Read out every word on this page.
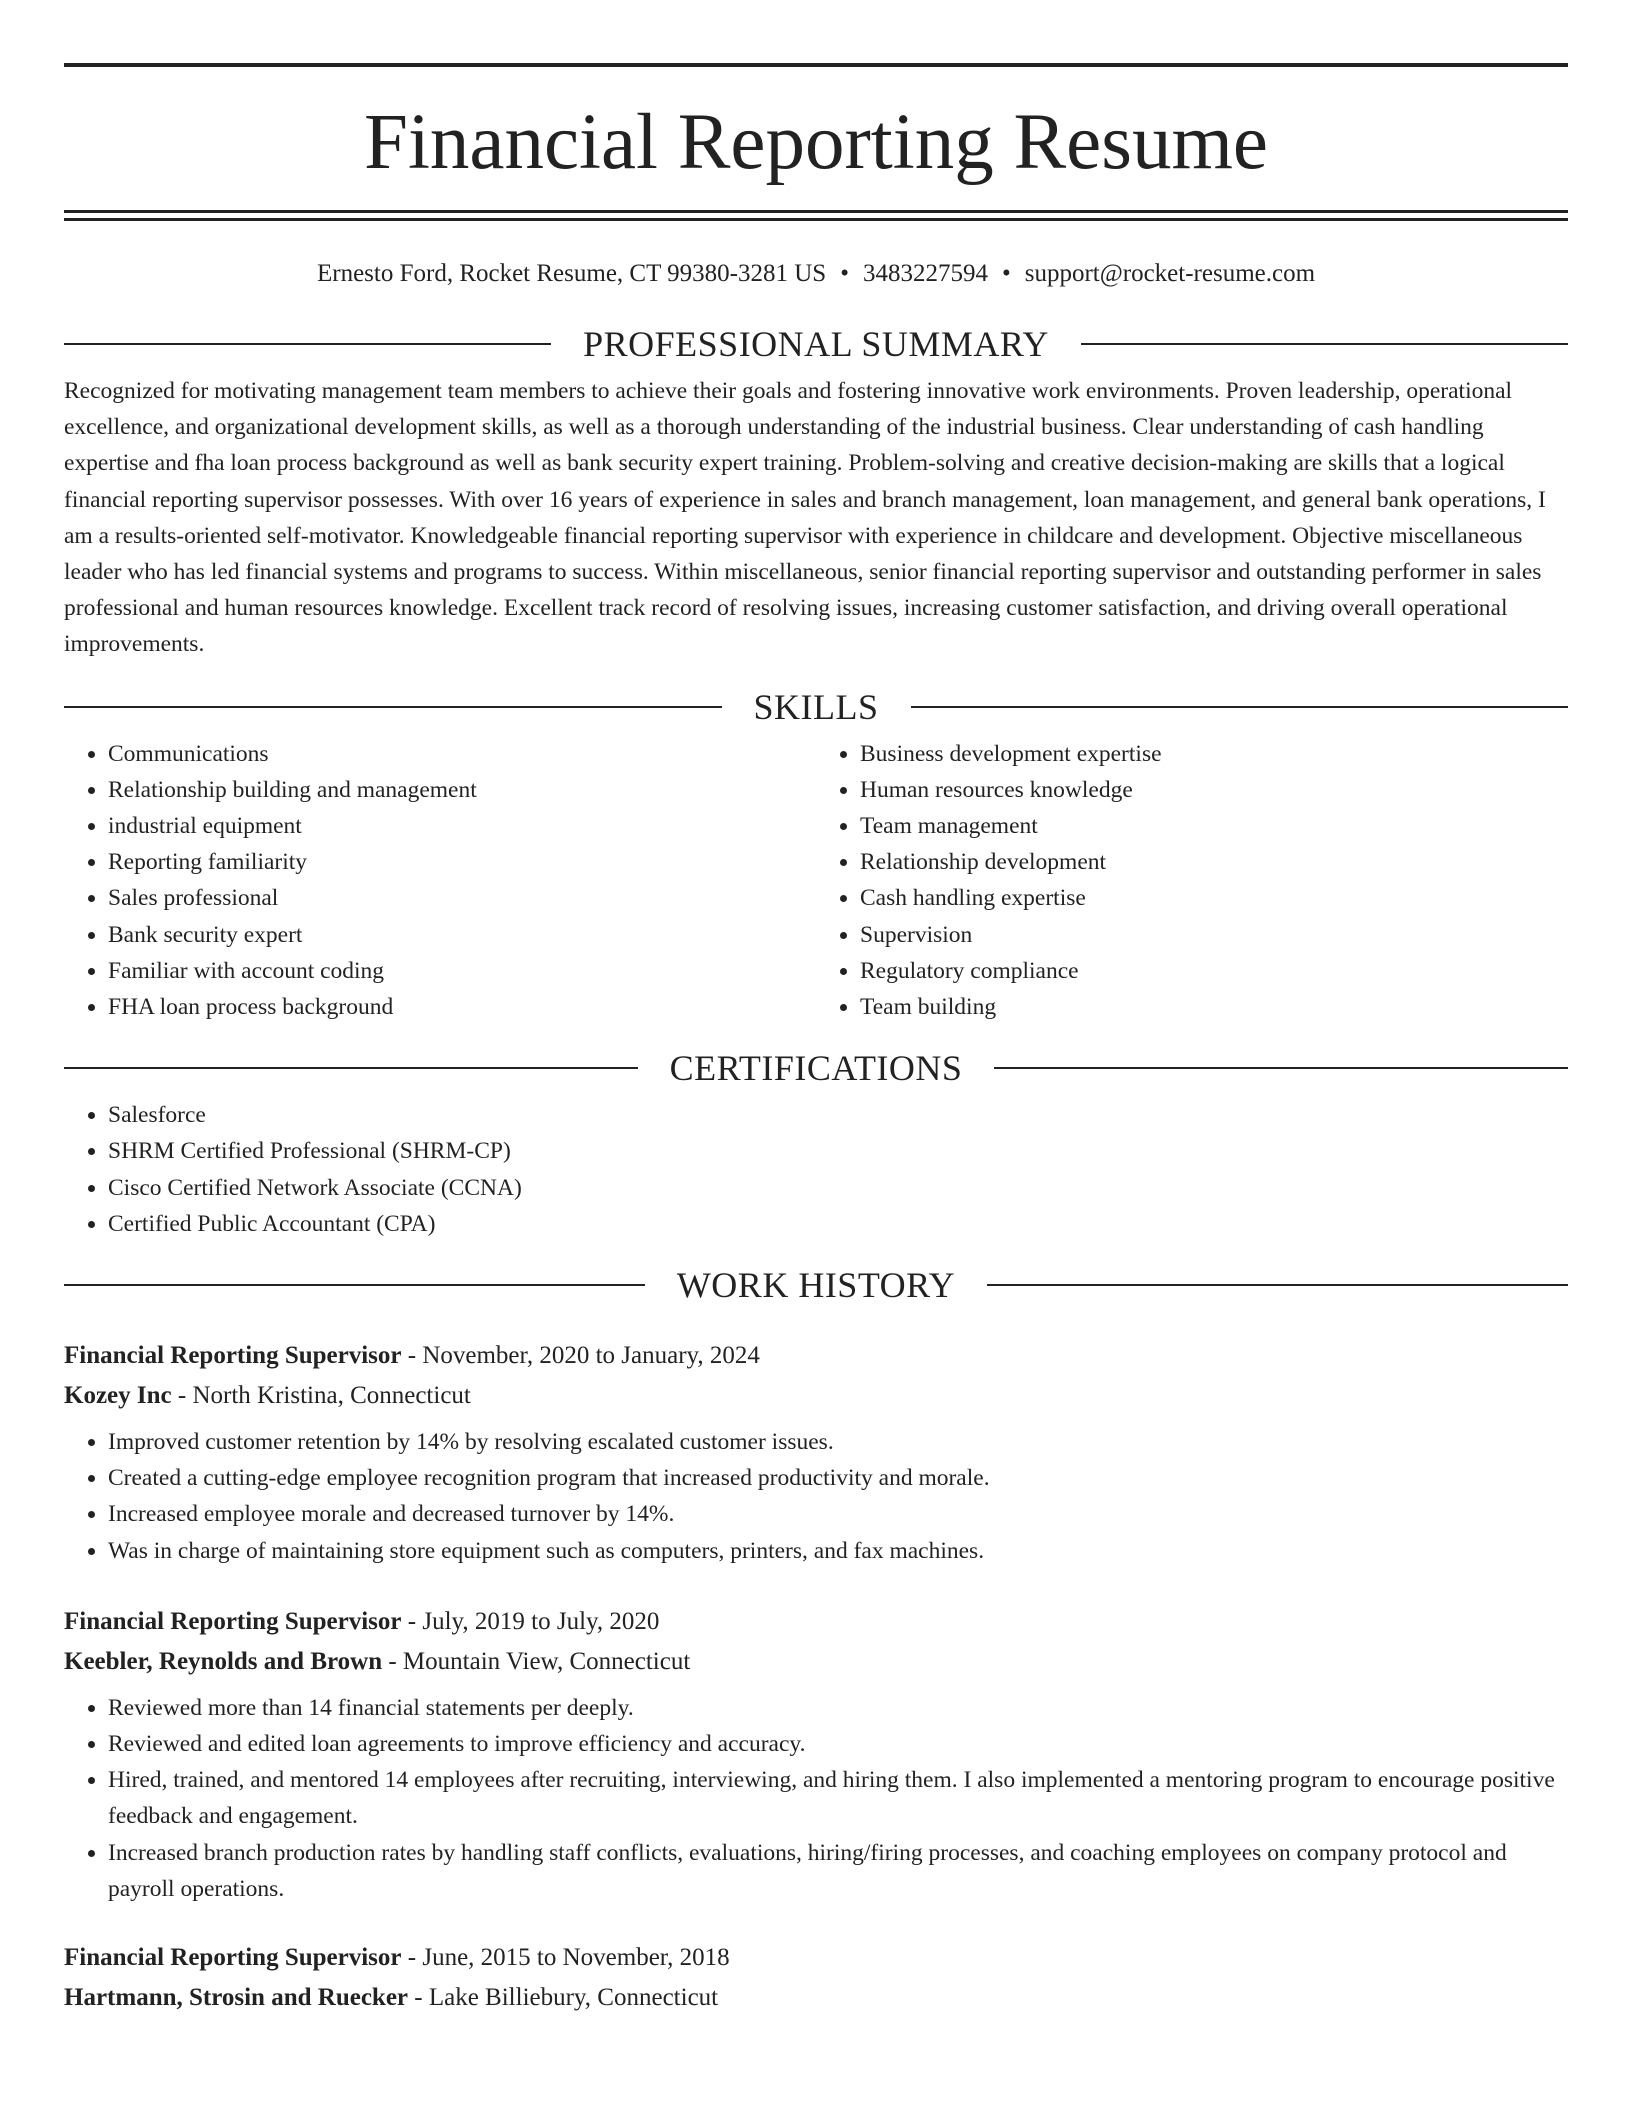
Financial Reporting Resume
Ernesto Ford, Rocket Resume, CT 99380-3281 US • 3483227594 • support@rocket-resume.com
PROFESSIONAL SUMMARY

Recognized for motivating management team members to achieve their goals and fostering innovative work environments. Proven leadership, operational excellence, and organizational development skills, as well as a thorough understanding of the industrial business. Clear understanding of cash handling expertise and fha loan process background as well as bank security expert training. Problem-solving and creative decision-making are skills that a logical financial reporting supervisor possesses. With over 16 years of experience in sales and branch management, loan management, and general bank operations, I am a results-oriented self-motivator. Knowledgeable financial reporting supervisor with experience in childcare and development. Objective miscellaneous leader who has led financial systems and programs to success. Within miscellaneous, senior financial reporting supervisor and outstanding performer in sales professional and human resources knowledge. Excellent track record of resolving issues, increasing customer satisfaction, and driving overall operational improvements.

SKILLS
• Communications
• Relationship building and management
• industrial equipment
• Reporting familiarity
• Sales professional
• Bank security expert
• Familiar with account coding
• FHA loan process background
• Business development expertise
• Human resources knowledge
• Team management
• Relationship development
• Cash handling expertise
• Supervision
• Regulatory compliance
• Team building
CERTIFICATIONS
• Salesforce
• SHRM Certified Professional (SHRM-CP)
• Cisco Certified Network Associate (CCNA)
• Certified Public Accountant (CPA)
WORK HISTORY
Financial Reporting Supervisor - November, 2020 to January, 2024
Kozey Inc - North Kristina, Connecticut
• Improved customer retention by 14% by resolving escalated customer issues.
• Created a cutting-edge employee recognition program that increased productivity and morale.
• Increased employee morale and decreased turnover by 14%.
• Was in charge of maintaining store equipment such as computers, printers, and fax machines.
Financial Reporting Supervisor - July, 2019 to July, 2020
Keebler, Reynolds and Brown - Mountain View, Connecticut
• Reviewed more than 14 financial statements per deeply.
• Reviewed and edited loan agreements to improve efficiency and accuracy.
• Hired, trained, and mentored 14 employees after recruiting, interviewing, and hiring them. I also implemented a mentoring program to encourage positive feedback and engagement.
• Increased branch production rates by handling staff conflicts, evaluations, hiring/firing processes, and coaching employees on company protocol and payroll operations.
Financial Reporting Supervisor - June, 2015 to November, 2018
Hartmann, Strosin and Ruecker - Lake Billiebury, Connecticut
